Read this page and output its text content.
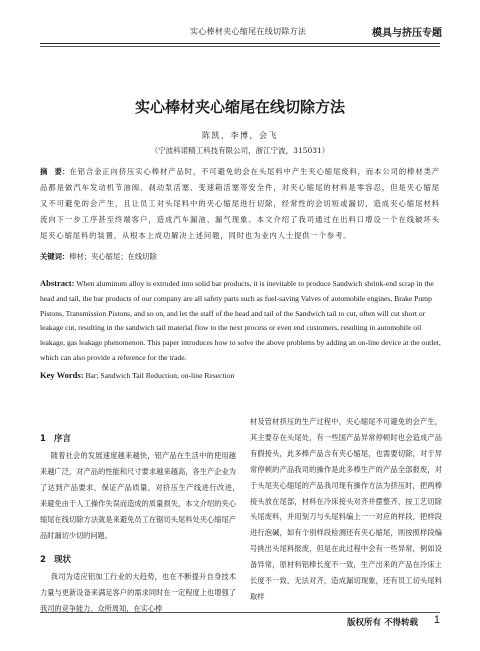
实心棒材夹心缩尾在线切除方法	模具与挤压专题
实心棒材夹心缩尾在线切除方法
陈凯，李博，会飞
（宁波科诺精工科技有限公司，浙江宁波，315031）
摘　要：在铝合金正向挤压实心棒材产品时，不可避免的会在头尾料中产生夹心缩尾废料，而本公司的棒材类产品都是做汽车发动机节油阀、刹动泵活塞、变速箱活塞等安全件，对夹心缩尾的材料是零容忍，但是夹心缩尾又不可避免的会产生，且让员工对头尾料中的夹心缩尾进行切除，经常性的会切短或漏切，造成夹心缩尾材料流向下一步工序甚至终端客户，造成汽车漏油、漏气现象。本文介绍了我司通过在出料口增设一个在线破坏头尾夹心缩尾料的装置，从根本上成功解决上述问题，同时也为业内人士提供一个参考。
关键词：棒材；夹心缩尾；在线切除
Abstract: When aluminum alloy is extruded into solid bar products, it is inevitable to produce Sandwich shrink-end scrap in the head and tail, the bar products of our company are all safety parts such as fuel-saving Valves of automobile engines, Brake Pump Pistons, Transmission Pistons, and so on, and let the staff of the head and tail of the Sandwich tail to cut, often will cut short or leakage cut, resulting in the sandwich tail material flow to the next process or even end customers, resulting in automobile oil leakage, gas leakage phenomenon. This paper introduces how to solve the above problems by adding an on-line device at the outlet, which can also provide a reference for the trade.
Key Words: Bar; Sandwich Tail Reduction; on-line Resection
1 序言

随着社会的发展速度越来越快，铝产品在生活中的使用越来越广泛，对产品的性能和尺寸要求越来越高，各生产企业为了达到产品要求，保证产品质量，对挤压生产线进行改进，　来避免由于人工操作失误而造成的质量损失，本文介绍的夹心缩尾在线切除方法就是来避免员工在锯切头尾料处夹心缩尾产品时漏切少切的问题。

2 现状

我司为适应铝加工行业的大趋势，也在不断提升自身技术力量与更新设备来满足客户的需求同时在一定程度上也增强了我司的竞争能力。众所周知，在实心棒

材及管材挤压的生产过程中，夹心缩尾不可避免的会产生，其主要存在头尾处，有一些国产品异常停顿时也会造成产品有假接头，此多棒产品含有夹心缩尾，也需要切除，对于异常停顿的产品我司的操作是此多棒生产的产品全部报废，对于头尾夹心缩尾的产品我司现有操作方法为挤压时，把两棒接头放在尾部，材料在冷床接头对齐并摆整齐，按工艺切除头尾废料，并用刻刀与头尾料编上一一对应的样段，把样段进行泡碱，如有个别样段检测还有夹心缩尾，则按照样段编号挑出头尾料报废，但是在此过程中会有一些异常，例如设备异常，原材料铝棒长度不一致，生产出来的产品在冷床上长度不一致，无法对齐，造成漏切现象，还有员工切头尾料取样

版权所有 不得转载 1
